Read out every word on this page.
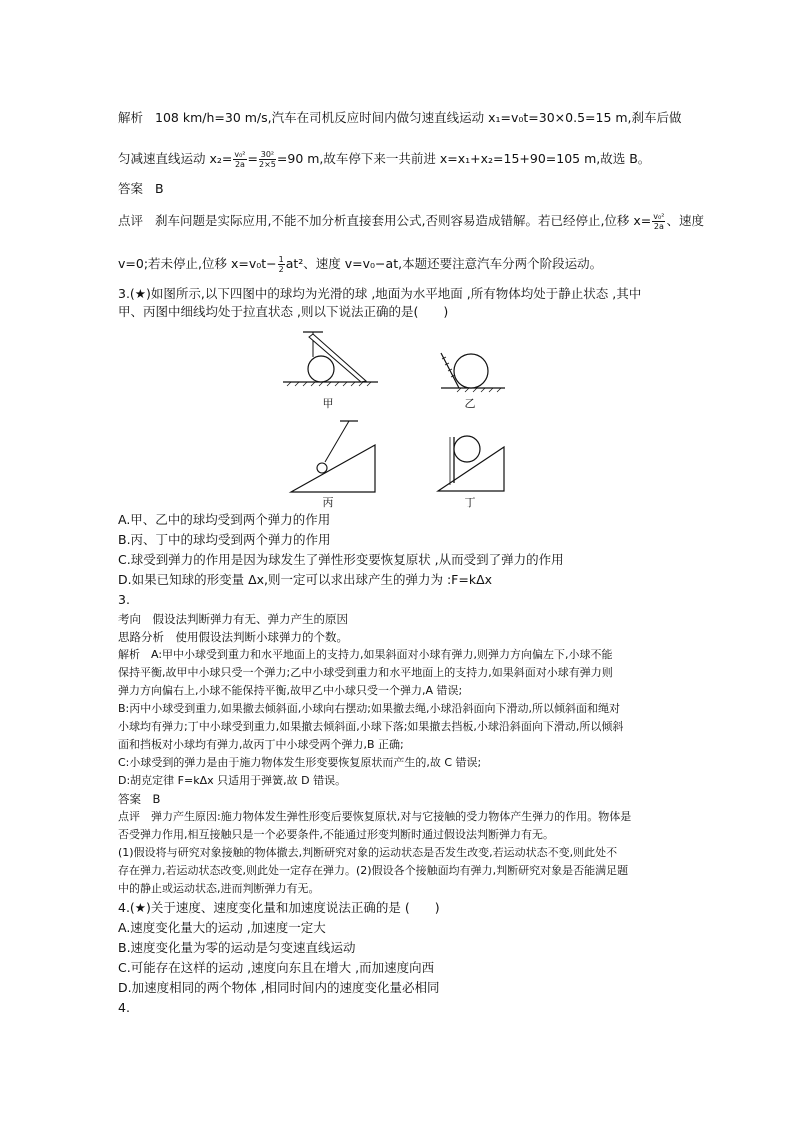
解析 108 km/h=30 m/s,汽车在司机反应时间内做匀速直线运动 x₁=v₀t=30×0.5=15 m,刹车后做
匀减速直线运动 $x_2= \frac{\text{v₀²}}{2a} = \frac{\text{30²}}{2\times 5} =90$ m,故车停下来一共前进 x=x₁+x₂=15+90=105 m,故选 B。
答案 B
点评 刹车问题是实际应用,不能不加分析直接套用公式,否则容易造成错解。若已经停止,位移 $x= \frac{\text{v₀²}}{2a}$ 、速度
v=0;若未停止,位移 $x=v_0t- \frac{1}{2} at^2$、速度 v=v₀−at,本题还要注意汽车分两个阶段运动。
3.(★)如图所示,以下四图中的球均为光滑的球 ,地面为水平地面 ,所有物体均处于静止状态 ,其中
甲、丙图中细线均处于拉直状态 ,则以下说法正确的是(　　)
甲	乙
丙	丁
A.甲、乙中的球均受到两个弹力的作用
B.丙、丁中的球均受到两个弹力的作用
C.球受到弹力的作用是因为球发生了弹性形变要恢复原状 ,从而受到了弹力的作用
D.如果已知球的形变量 Δx,则一定可以求出球产生的弹力为 :F=kΔx
3.
考向　假设法判断弹力有无、弹力产生的原因
思路分析　使用假设法判断小球弹力的个数。
解析　A:甲中小球受到重力和水平地面上的支持力,如果斜面对小球有弹力,则弹力方向偏左下,小球不能
保持平衡,故甲中小球只受一个弹力;乙中小球受到重力和水平地面上的支持力,如果斜面对小球有弹力则
弹力方向偏右上,小球不能保持平衡,故甲乙中小球只受一个弹力,A 错误;
B:丙中小球受到重力,如果撤去倾斜面,小球向右摆动;如果撤去绳,小球沿斜面向下滑动,所以倾斜面和绳对
小球均有弹力;丁中小球受到重力,如果撤去倾斜面,小球下落;如果撤去挡板,小球沿斜面向下滑动,所以倾斜
面和挡板对小球均有弹力,故丙丁中小球受两个弹力,B 正确;
C:小球受到的弹力是由于施力物体发生形变要恢复原状而产生的,故 C 错误;
D:胡克定律 F=kΔx 只适用于弹簧,故 D 错误。
答案　B
点评　弹力产生原因:施力物体发生弹性形变后要恢复原状,对与它接触的受力物体产生弹力的作用。物体是
否受弹力作用,相互接触只是一个必要条件,不能通过形变判断时通过假设法判断弹力有无。
(1)假设将与研究对象接触的物体撤去,判断研究对象的运动状态是否发生改变,若运动状态不变,则此处不
存在弹力,若运动状态改变,则此处一定存在弹力。(2)假设各个接触面均有弹力,判断研究对象是否能满足题
中的静止或运动状态,进而判断弹力有无。
4.(★)关于速度、速度变化量和加速度说法正确的是 (　　)
A.速度变化量大的运动 ,加速度一定大
B.速度变化量为零的运动是匀变速直线运动
C.可能存在这样的运动 ,速度向东且在增大 ,而加速度向西
D.加速度相同的两个物体 ,相同时间内的速度变化量必相同
4.
